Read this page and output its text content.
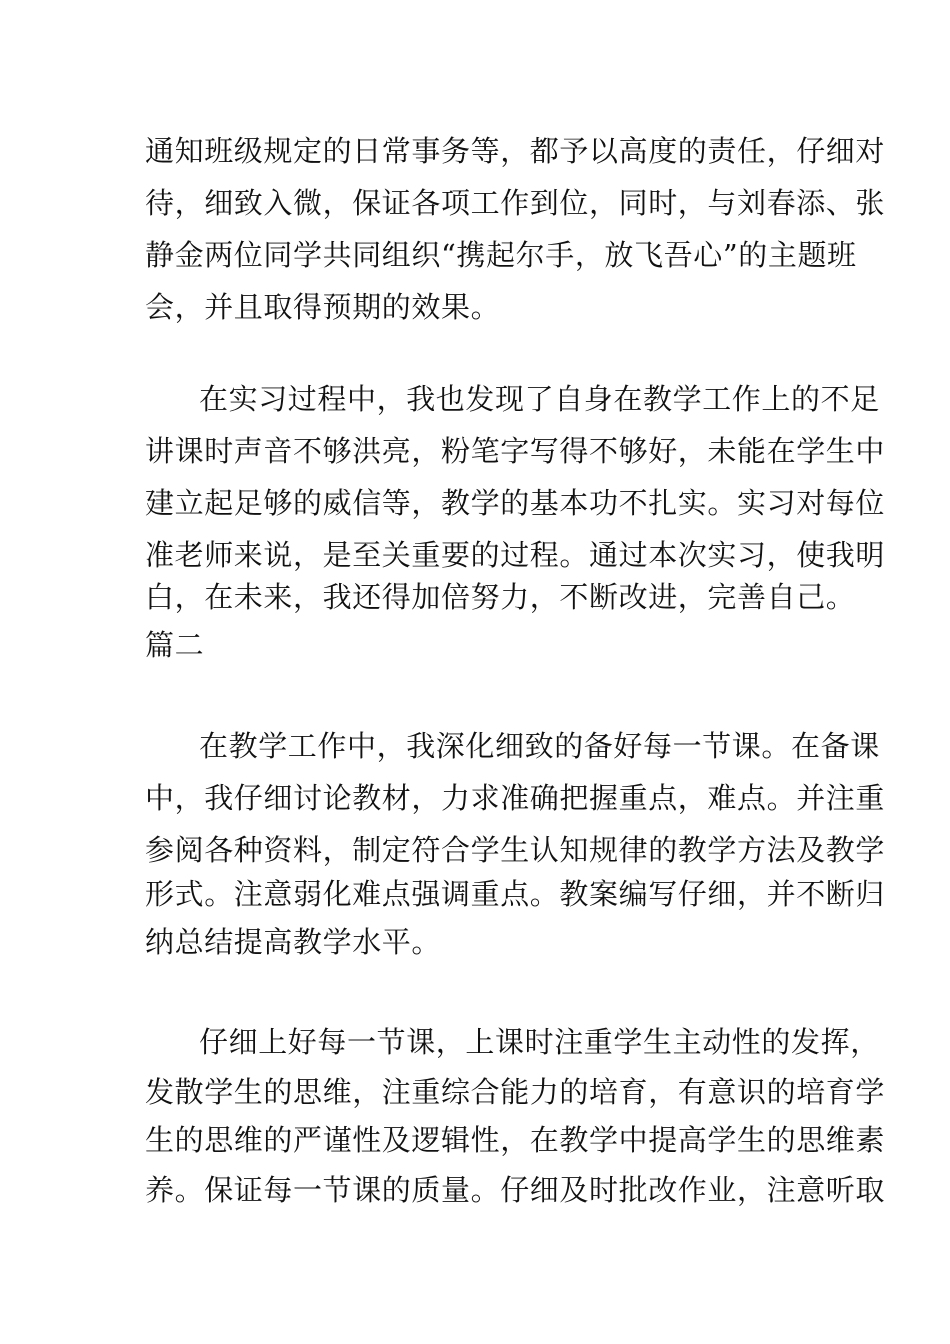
通知班级规定的日常事务等，都予以高度的责任，仔细对
待，细致入微，保证各项工作到位，同时，与刘春添、张
静金两位同学共同组织“携起尔手，放飞吾心”的主题班
会，并且取得预期的效果。
在实习过程中，我也发现了自身在教学工作上的不足
讲课时声音不够洪亮，粉笔字写得不够好，未能在学生中
建立起足够的威信等，教学的基本功不扎实。实习对每位
准老师来说，是至关重要的过程。通过本次实习，使我明
白，在未来，我还得加倍努力，不断改进，完善自己。
篇二
在教学工作中，我深化细致的备好每一节课。在备课
中，我仔细讨论教材，力求准确把握重点，难点。并注重
参阅各种资料，制定符合学生认知规律的教学方法及教学
形式。注意弱化难点强调重点。教案编写仔细，并不断归
纳总结提高教学水平。
仔细上好每一节课，上课时注重学生主动性的发挥，
发散学生的思维，注重综合能力的培育，有意识的培育学
生的思维的严谨性及逻辑性，在教学中提高学生的思维素
养。保证每一节课的质量。仔细及时批改作业，注意听取
